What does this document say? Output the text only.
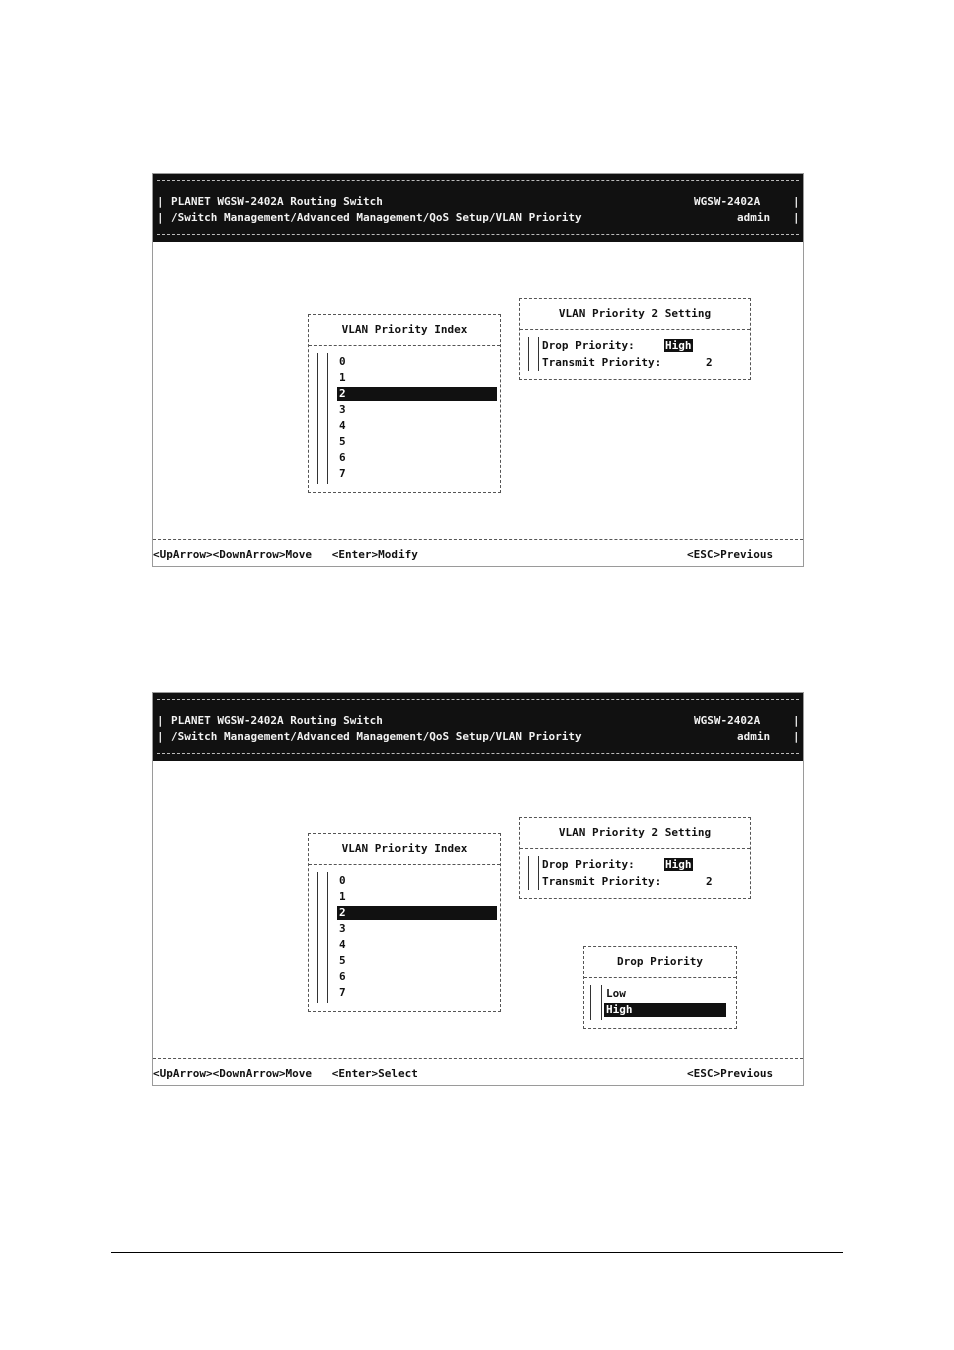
| PLANET WGSW-2402A Routing Switch	WGSW-2402A	|
| /Switch Management/Advanced Management/QoS Setup/VLAN Priority	admin |
VLAN Priority Index
0
1
2
3
4
5
6
7
VLAN Priority 2 Setting
Drop Priority:	High
Transmit Priority:	2
<UpArrow><DownArrow>Move   <Enter>Modify	<ESC>Previous
| PLANET WGSW-2402A Routing Switch	WGSW-2402A	|
| /Switch Management/Advanced Management/QoS Setup/VLAN Priority	admin |
VLAN Priority Index
0
1
2
3
4
5
6
7
VLAN Priority 2 Setting
Drop Priority:	High
Transmit Priority:	2
Drop Priority
Low
High
<UpArrow><DownArrow>Move   <Enter>Select	<ESC>Previous
